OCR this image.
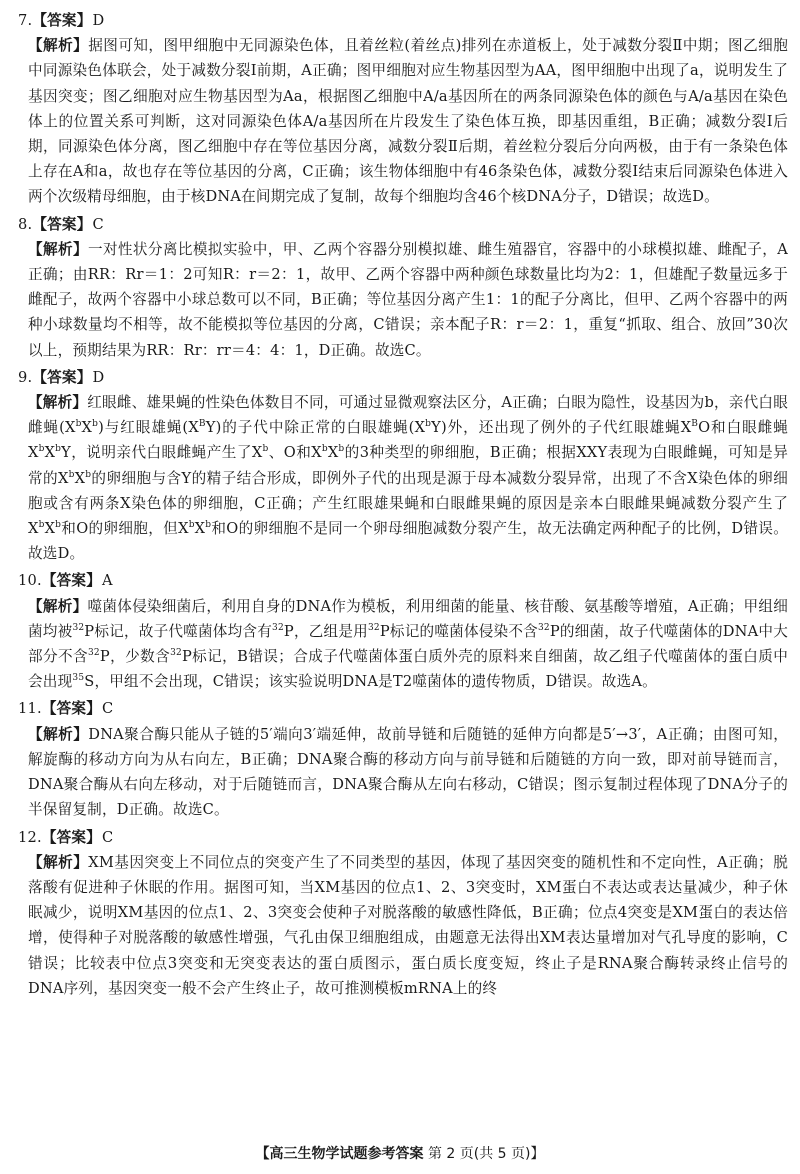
7.【答案】D

【解析】据图可知，图甲细胞中无同源染色体，且着丝粒(着丝点)排列在赤道板上，处于减数分裂Ⅱ中期；图乙细胞中同源染色体联会，处于减数分裂Ⅰ前期，A正确；图甲细胞对应生物基因型为AA，图甲细胞中出现了a，说明发生了基因突变；图乙细胞对应生物基因型为Aa，根据图乙细胞中A/a基因所在的两条同源染色体的颜色与A/a基因在染色体上的位置关系可判断，这对同源染色体A/a基因所在片段发生了染色体互换，即基因重组，B正确；减数分裂Ⅰ后期，同源染色体分离，图乙细胞中存在等位基因分离，减数分裂Ⅱ后期，着丝粒分裂后分向两极，由于有一条染色体上存在A和a，故也存在等位基因的分离，C正确；该生物体细胞中有46条染色体，减数分裂Ⅰ结束后同源染色体进入两个次级精母细胞，由于核DNA在间期完成了复制，故每个细胞均含46个核DNA分子，D错误；故选D。

8.【答案】C

【解析】一对性状分离比模拟实验中，甲、乙两个容器分别模拟雄、雌生殖器官，容器中的小球模拟雄、雌配子，A正确；由RR：Rr＝1：2可知R：r＝2：1，故甲、乙两个容器中两种颜色球数量比均为2：1，但雄配子数量远多于雌配子，故两个容器中小球总数可以不同，B正确；等位基因分离产生1：1的配子分离比，但甲、乙两个容器中的两种小球数量均不相等，故不能模拟等位基因的分离，C错误；亲本配子R：r＝2：1，重复“抓取、组合、放回”30次以上，预期结果为RR：Rr：rr＝4：4：1，D正确。故选C。

9.【答案】D

【解析】红眼雌、雄果蝇的性染色体数目不同，可通过显微观察法区分，A正确；白眼为隐性，设基因为b，亲代白眼雌蝇$(X^bX^b)$与红眼雄蝇$(X^BY)$的子代中除正常的白眼雄蝇$(X^bY)$外，还出现了例外的子代红眼雄蝇$X^BO$和白眼雌蝇$X^bX^bY$，说明亲代白眼雌蝇产生了$X^b$、O和$X^bX^b$的3种类型的卵细胞，B正确；根据XXY表现为白眼雌蝇，可知是异常的$X^bX^b$的卵细胞与含Y的精子结合形成，即例外子代的出现是源于母本减数分裂异常，出现了不含X染色体的卵细胞或含有两条X染色体的卵细胞，C正确；产生红眼雄果蝇和白眼雌果蝇的原因是亲本白眼雌果蝇减数分裂产生了$X^bX^b$和O的卵细胞，但$X^bX^b$和O的卵细胞不是同一个卵母细胞减数分裂产生，故无法确定两种配子的比例，D错误。故选D。

10.【答案】A

【解析】噬菌体侵染细菌后，利用自身的DNA作为模板，利用细菌的能量、核苷酸、氨基酸等增殖，A正确；甲组细菌均被$^{32}$P标记，故子代噬菌体均含有$^{32}$P，乙组是用$^{32}$P标记的噬菌体侵染不含$^{32}$P的细菌，故子代噬菌体的DNA中大部分不含$^{32}$P，少数含$^{32}$P标记，B错误；合成子代噬菌体蛋白质外壳的原料来自细菌，故乙组子代噬菌体的蛋白质中会出现$^{35}$S，甲组不会出现，C错误；该实验说明DNA是T2噬菌体的遗传物质，D错误。故选A。

11.【答案】C

【解析】DNA聚合酶只能从子链的5′端向3′端延伸，故前导链和后随链的延伸方向都是5′→3′，A正确；由图可知，解旋酶的移动方向为从右向左，B正确；DNA聚合酶的移动方向与前导链和后随链的方向一致，即对前导链而言，DNA聚合酶从右向左移动，对于后随链而言，DNA聚合酶从左向右移动，C错误；图示复制过程体现了DNA分子的半保留复制，D正确。故选C。

12.【答案】C

【解析】XM基因突变上不同位点的突变产生了不同类型的基因，体现了基因突变的随机性和不定向性，A正确；脱落酸有促进种子休眠的作用。据图可知，当XM基因的位点1、2、3突变时，XM蛋白不表达或表达量减少，种子休眠减少，说明XM基因的位点1、2、3突变会使种子对脱落酸的敏感性降低，B正确；位点4突变是XM蛋白的表达倍增，使得种子对脱落酸的敏感性增强，气孔由保卫细胞组成，由题意无法得出XM表达量增加对气孔导度的影响，C错误；比较表中位点3突变和无突变表达的蛋白质图示，蛋白质长度变短，终止子是RNA聚合酶转录终止信号的DNA序列，基因突变一般不会产生终止子，故可推测模板mRNA上的终

【高三生物学试题参考答案 第 2 页(共 5 页)】
